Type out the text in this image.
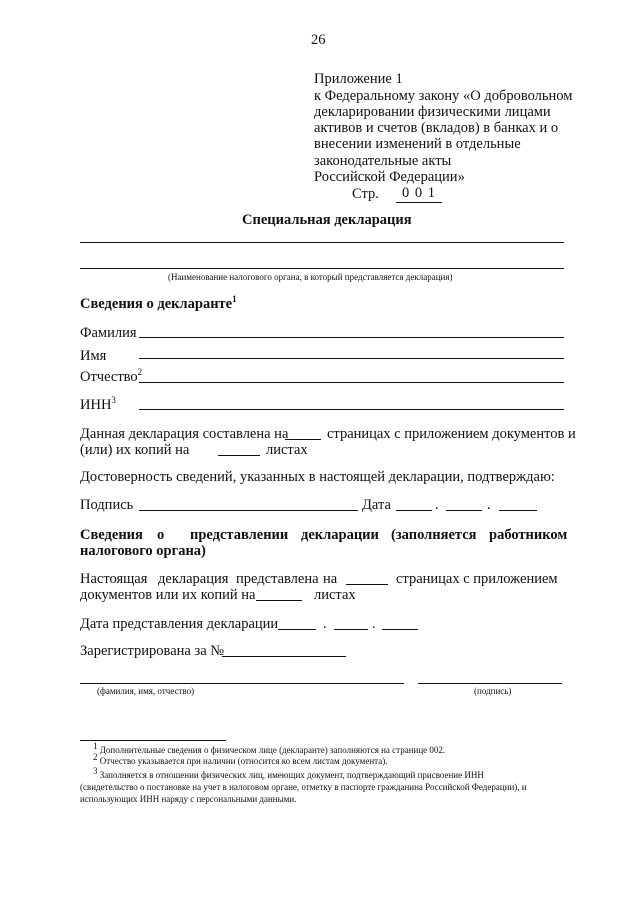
26
Приложение 1
к Федеральному закону «О добровольном
декларировании физическими лицами
активов и счетов (вкладов) в банках и о
внесении изменений в отдельные
законодательные акты
Российской Федерации»
Стр.	0 0 1
Специальная декларация
(Наименование налогового органа, в который представляется декларация)
Сведения о декларанте$^1$
Фамилия
Имя
Отчество$^2$
ИНН$^3$
Данная декларация составлена на	страницах с приложением документов и
(или) их копий на	листах
Достоверность сведений, указанных в настоящей декларации, подтверждаю:
Подпись	Дата	.	.
Сведения о представлении декларации (заполняется работником
налогового органа)
Настоящая декларация представлена на	страницах с приложением
документов или их копий на	листах
Дата представления декларации	.	.
Зарегистрирована за №
(фамилия, имя, отчество)	(подпись)
$^1$ Дополнительные сведения о физическом лице (декларанте) заполняются на странице 002.
$^2$ Отчество указывается при наличии (относится ко всем листам документа).
$^3$ Заполняется в отношении физических лиц, имеющих документ, подтверждающий присвоение ИНН
(свидетельство о постановке на учет в налоговом органе, отметку в паспорте гражданина Российской Федерации), и
использующих ИНН наряду с персональными данными.
